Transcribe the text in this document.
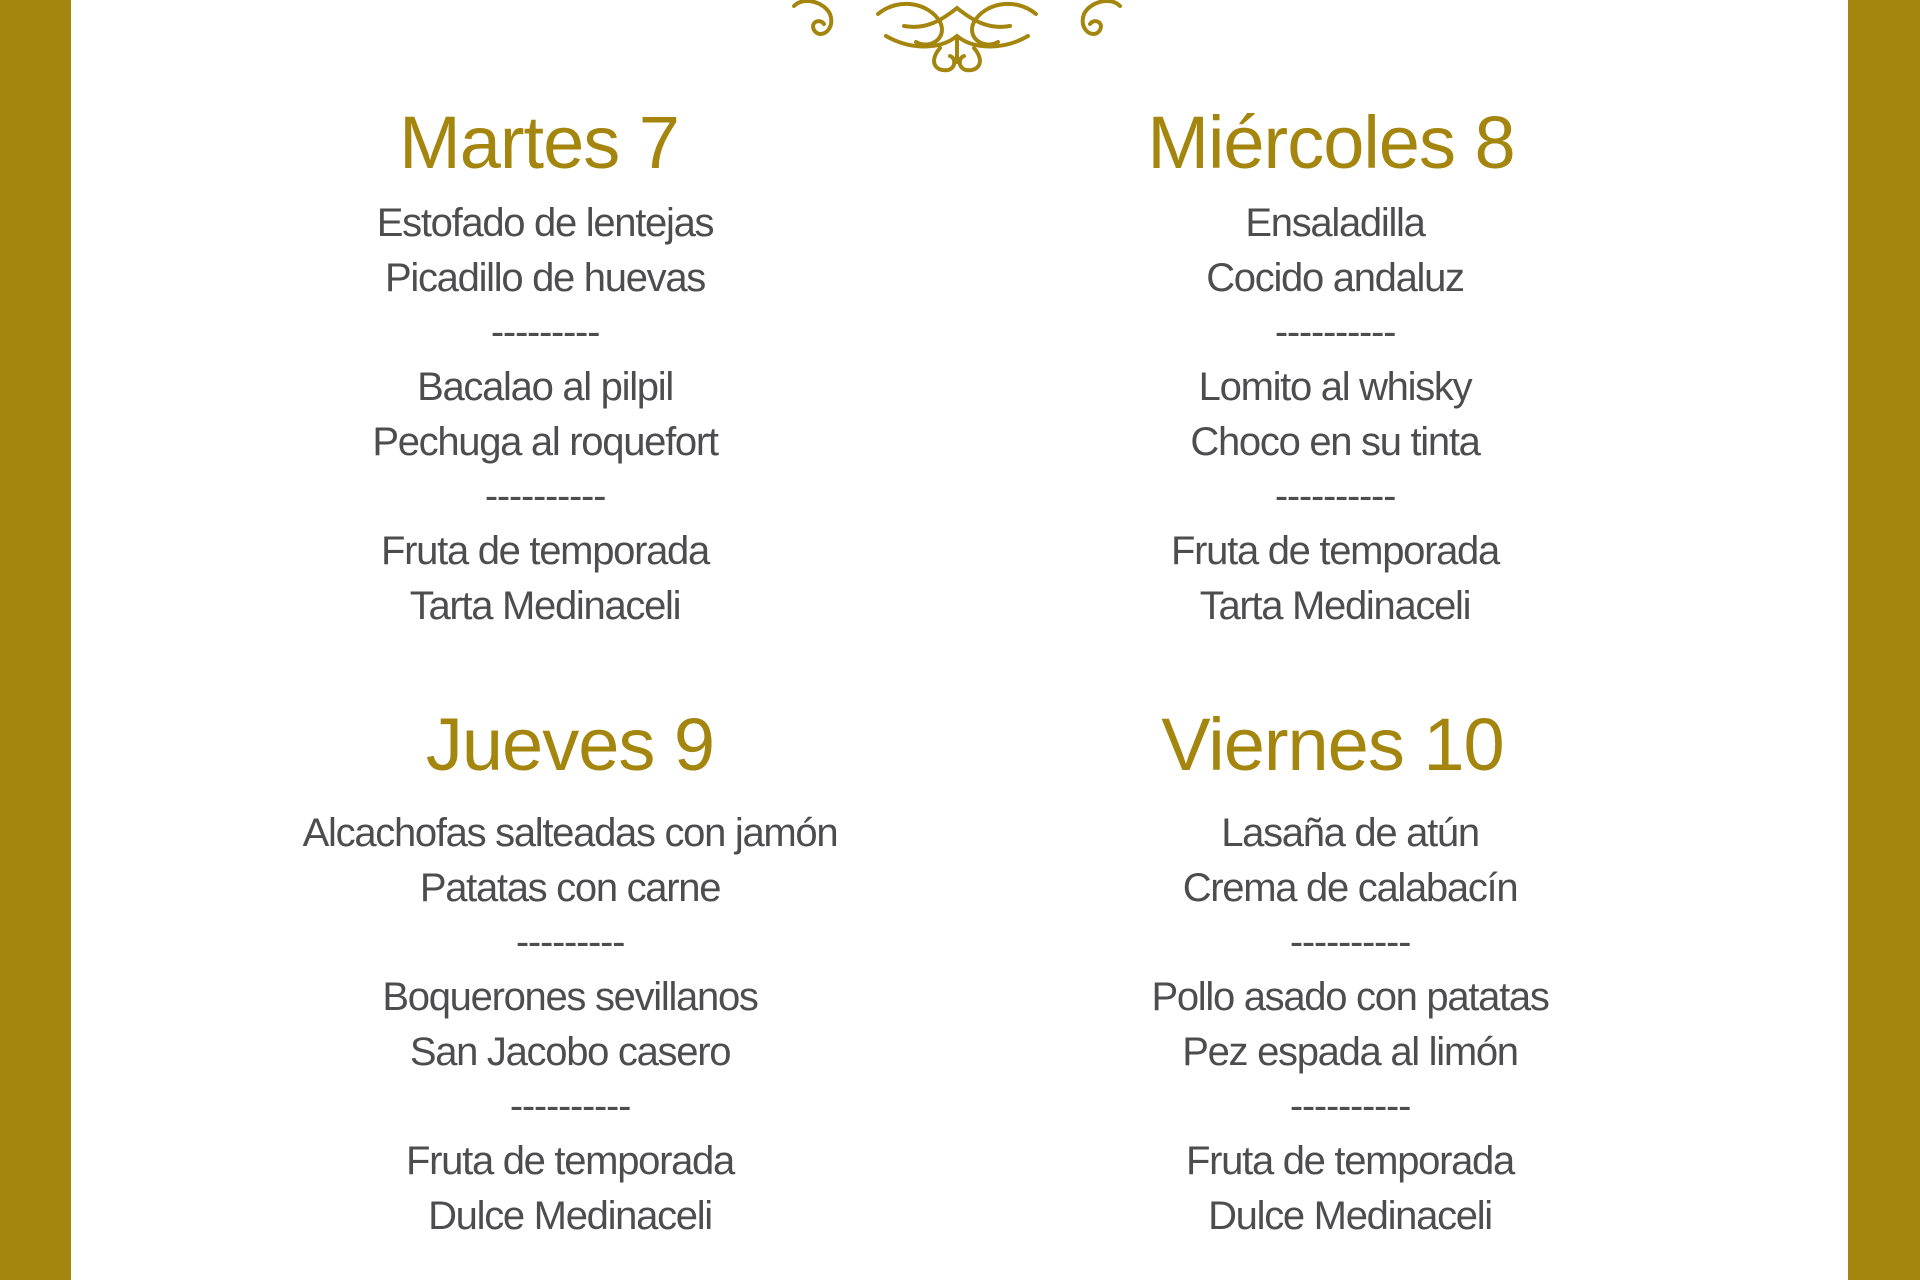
Martes 7
Estofado de lentejas
Picadillo de huevas
---------
Bacalao al pilpil
Pechuga al roquefort
----------
Fruta de temporada
Tarta Medinaceli
Miércoles 8
Ensaladilla
Cocido andaluz
----------
Lomito al whisky
Choco en su tinta
----------
Fruta de temporada
Tarta Medinaceli
Jueves 9
Alcachofas salteadas con jamón
Patatas con carne
---------
Boquerones sevillanos
San Jacobo casero
----------
Fruta de temporada
Dulce Medinaceli
Viernes 10
Lasaña de atún
Crema de calabacín
----------
Pollo asado con patatas
Pez espada al limón
----------
Fruta de temporada
Dulce Medinaceli
